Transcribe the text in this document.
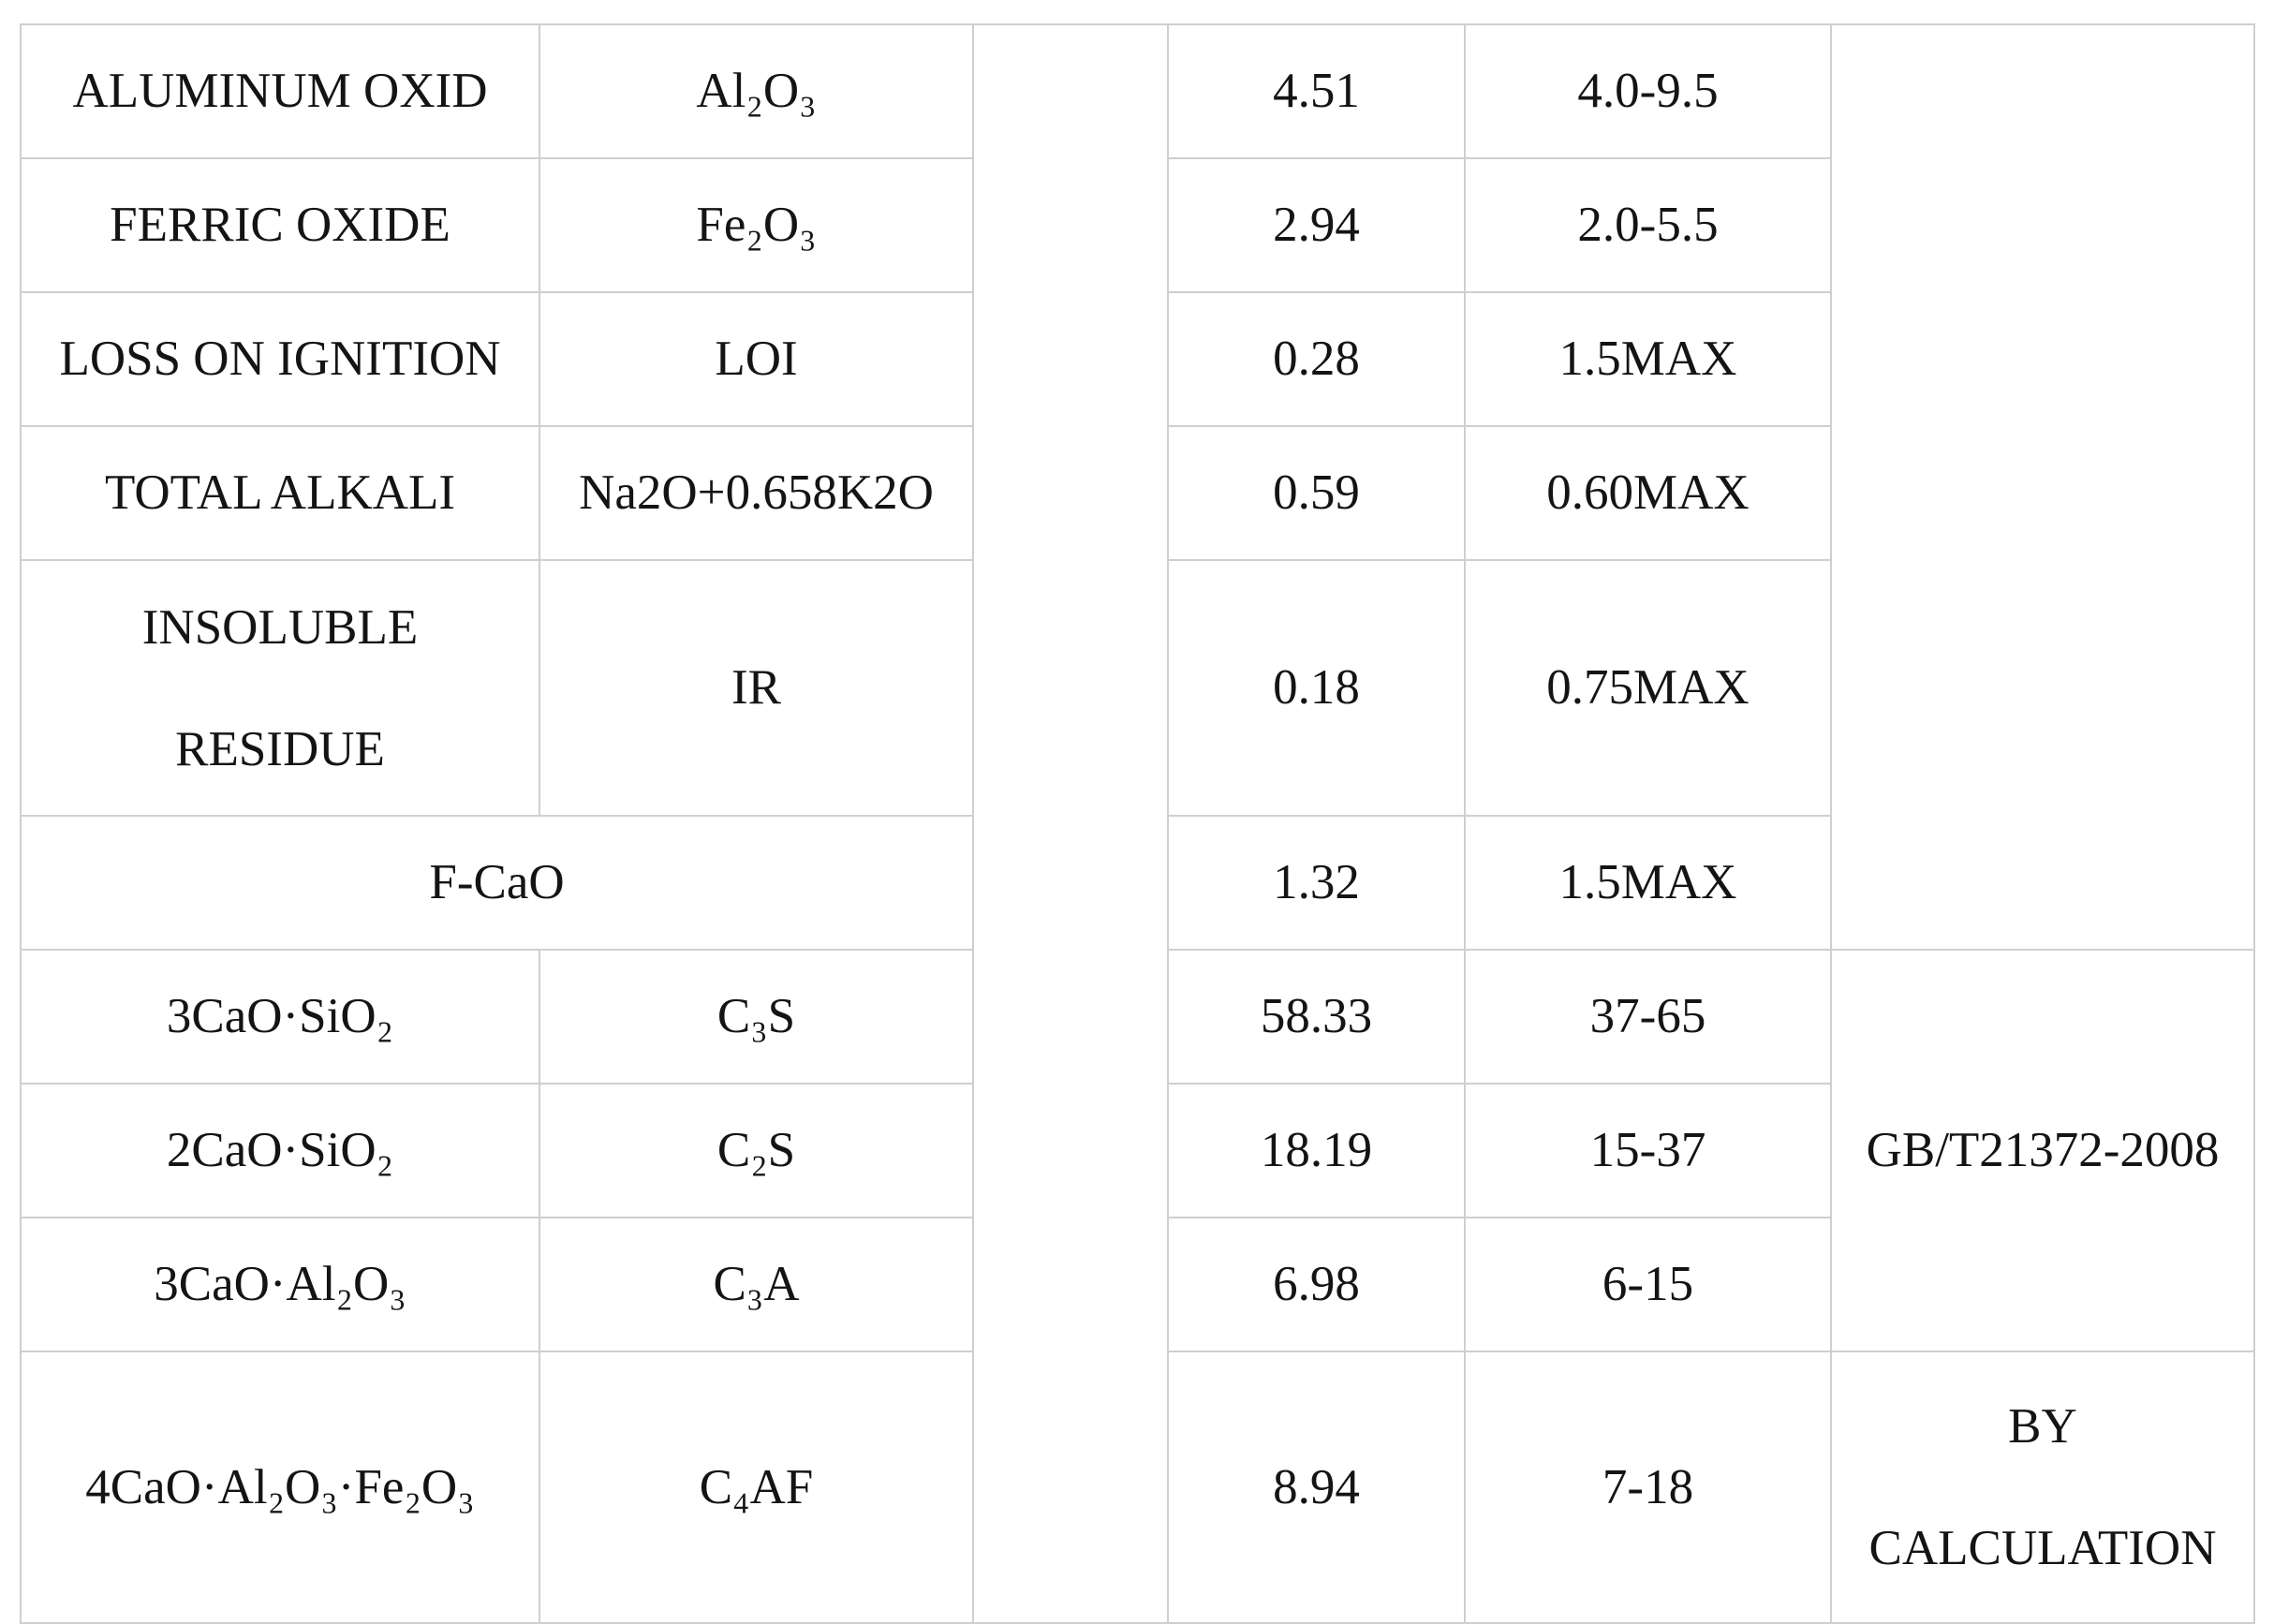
ALUMINUM OXID	Al₂O₃		4.51	4.0-9.5	
FERRIC OXIDE	Fe₂O₃		2.94	2.0-5.5	
LOSS ON IGNITION	LOI		0.28	1.5MAX	
TOTAL ALKALI	Na2O+0.658K2O		0.59	0.60MAX	
INSOLUBLE
RESIDUE	IR		0.18	0.75MAX	
F-CaO			1.32	1.5MAX	
3CaO·SiO₂	C₃S		58.33	37-65	GB/T21372-2008
2CaO·SiO₂	C₂S		18.19	15-37	
3CaO·Al₂O₃	C₃A		6.98	6-15	
4CaO·Al₂O₃·Fe₂O₃	C₄AF		8.94	7-18	BY
CALCULATION
